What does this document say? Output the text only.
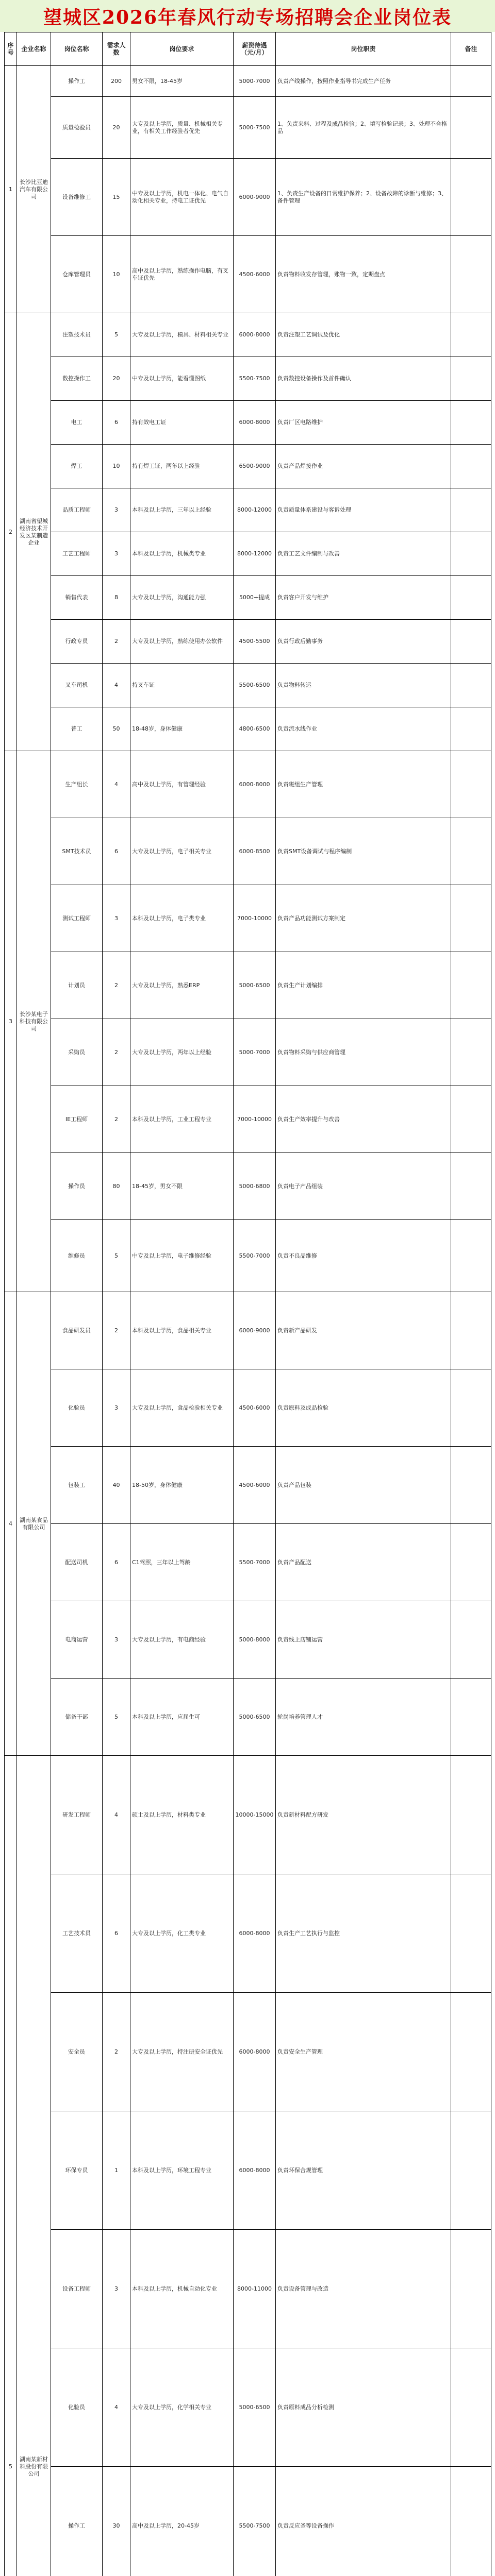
望城区2026年春风行动专场招聘会企业岗位表
序号	企业名称	岗位名称	需求人数	岗位要求	薪资待遇（元/月）	岗位职责	备注
1	长沙比亚迪汽车有限公司	操作工	200	男女不限，18-45岁	5000-7000	负责产线操作，按照作业指导书完成生产任务	
		质量检验员	20	大专及以上学历，质量、机械相关专业，有相关工作经验者优先	5000-7500	1、负责来料、过程及成品检验；2、填写检验记录；3、处理不合格品	
		设备维修工	15	中专及以上学历，机电一体化、电气自动化相关专业，持电工证优先	6000-9000	1、负责生产设备的日常维护保养；2、设备故障的诊断与维修；3、备件管理	
		仓库管理员	10	高中及以上学历，熟练操作电脑，有叉车证优先	4500-6000	负责物料收发存管理，账物一致，定期盘点	
2	湖南省望城经济技术开发区某制造企业	注塑技术员	5	大专及以上学历，模具、材料相关专业	6000-8000	负责注塑工艺调试及优化	
		数控操作工	20	中专及以上学历，能看懂图纸	5500-7500	负责数控设备操作及首件确认	
		电工	6	持有效电工证	6000-8000	负责厂区电路维护	
		焊工	10	持有焊工证，两年以上经验	6500-9000	负责产品焊接作业	
		品质工程师	3	本科及以上学历，三年以上经验	8000-12000	负责质量体系建设与客诉处理	
		工艺工程师	3	本科及以上学历，机械类专业	8000-12000	负责工艺文件编制与改善	
		销售代表	8	大专及以上学历，沟通能力强	5000+提成	负责客户开发与维护	
		行政专员	2	大专及以上学历，熟练使用办公软件	4500-5500	负责行政后勤事务	
		叉车司机	4	持叉车证	5500-6500	负责物料转运	
		普工	50	18-48岁，身体健康	4800-6500	负责流水线作业	
3	长沙某电子科技有限公司	生产组长	4	高中及以上学历，有管理经验	6000-8000	负责班组生产管理	
		SMT技术员	6	大专及以上学历，电子相关专业	6000-8500	负责SMT设备调试与程序编制	
		测试工程师	3	本科及以上学历，电子类专业	7000-10000	负责产品功能测试方案制定	
		计划员	2	大专及以上学历，熟悉ERP	5000-6500	负责生产计划编排	
		采购员	2	大专及以上学历，两年以上经验	5000-7000	负责物料采购与供应商管理	
		IE工程师	2	本科及以上学历，工业工程专业	7000-10000	负责生产效率提升与改善	
		操作员	80	18-45岁，男女不限	5000-6800	负责电子产品组装	
		维修员	5	中专及以上学历，电子维修经验	5500-7000	负责不良品维修	
4	湖南某食品有限公司	食品研发员	2	本科及以上学历，食品相关专业	6000-9000	负责新产品研发	
		化验员	3	大专及以上学历，食品检验相关专业	4500-6000	负责原料及成品检验	
		包装工	40	18-50岁，身体健康	4500-6000	负责产品包装	
		配送司机	6	C1驾照，三年以上驾龄	5500-7000	负责产品配送	
		电商运营	3	大专及以上学历，有电商经验	5000-8000	负责线上店铺运营	
		储备干部	5	本科及以上学历，应届生可	5000-6500	轮岗培养管理人才	
5	湖南某新材料股份有限公司	研发工程师	4	硕士及以上学历，材料类专业	10000-15000	负责新材料配方研发	
		工艺技术员	6	大专及以上学历，化工类专业	6000-8000	负责生产工艺执行与监控	
		安全员	2	大专及以上学历，持注册安全证优先	6000-8000	负责安全生产管理	
		环保专员	1	本科及以上学历，环境工程专业	6000-8000	负责环保合规管理	
		设备工程师	3	本科及以上学历，机械自动化专业	8000-11000	负责设备管理与改造	
		化验员	4	大专及以上学历，化学相关专业	5000-6500	负责原料成品分析检测	
		操作工	30	高中及以上学历，20-45岁	5500-7500	负责反应釜等设备操作	
